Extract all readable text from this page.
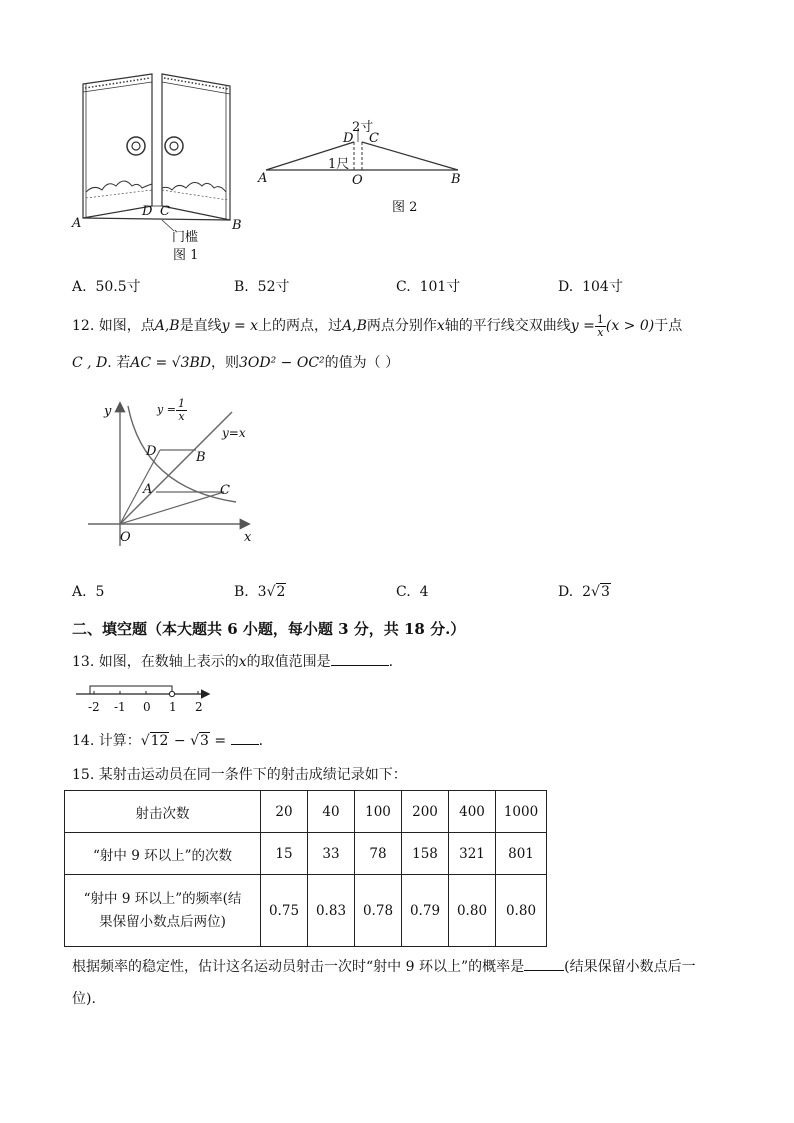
A
D C
B
门槛
图 1
2寸
D C
1尺
A	O	B
图 2
A. 50.5寸	B. 52寸	C. 101寸	D. 104寸
12. 如图，点A,B是直线y = x上的两点，过A,B两点分别作x轴的平行线交双曲线$y = \frac{1}{x} (x > 0)$于点
C , D. 若AC = √3BD，则3OD² − OC²的值为（ ）
y
x
O
$y = \frac{1}{x}$
y=x
D	B
A	C
A. 5	B. 3√2	C. 4	D. 2√3
二、填空题（本大题共 6 小题，每小题 3 分，共 18 分.）
13. 如图，在数轴上表示的x的取值范围是	.
-2 -1 0 1 2
14. 计算：√12 − √3 = .
15. 某射击运动员在同一条件下的射击成绩记录如下：
射击次数	20	40	100	200	400	1000
“射中 9 环以上”的次数	15	33	78	158	321	801
“射中 9 环以上”的频率(结
果保留小数点后两位)	0.75	0.83	0.78	0.79	0.80	0.80
根据频率的稳定性，估计这名运动员射击一次时“射中 9 环以上”的概率是	(结果保留小数点后一
位).
